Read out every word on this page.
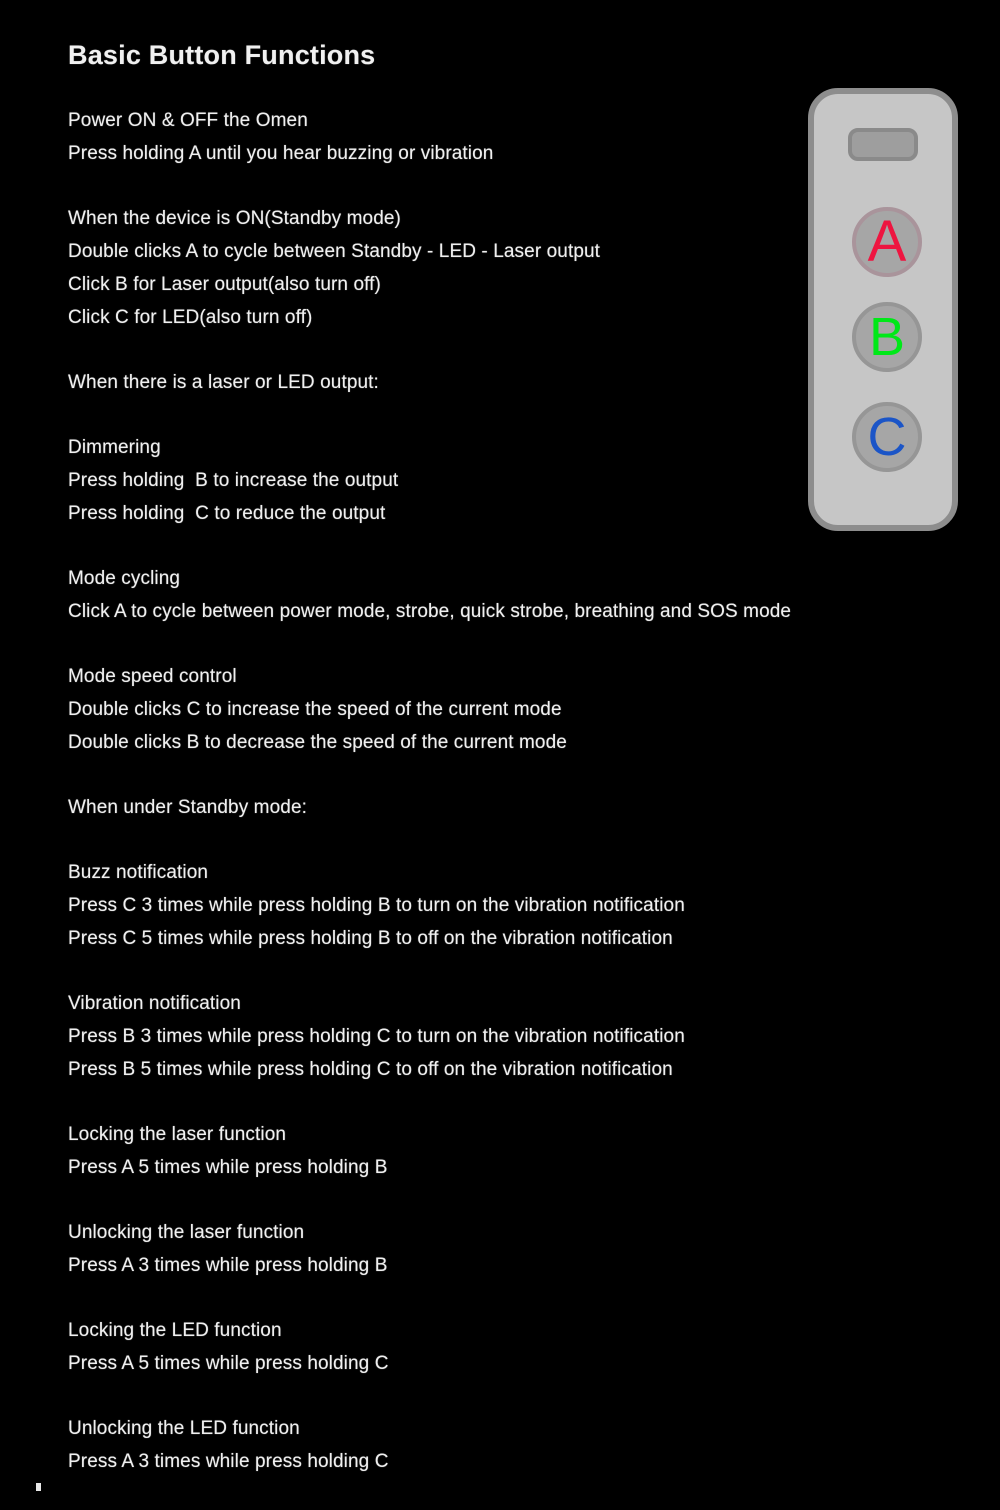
Basic Button Functions
Power ON & OFF the Omen
Press holding A until you hear buzzing or vibration
When the device is ON(Standby mode)
Double clicks A to cycle between Standby - LED - Laser output
Click B for Laser output(also turn off)
Click C for LED(also turn off)
When there is a laser or LED output:
Dimmering
Press holding  B to increase the output
Press holding  C to reduce the output
Mode cycling
Click A to cycle between power mode, strobe, quick strobe, breathing and SOS mode
Mode speed control
Double clicks C to increase the speed of the current mode
Double clicks B to decrease the speed of the current mode
When under Standby mode:
Buzz notification
Press C 3 times while press holding B to turn on the vibration notification
Press C 5 times while press holding B to off on the vibration notification
Vibration notification
Press B 3 times while press holding C to turn on the vibration notification
Press B 5 times while press holding C to off on the vibration notification
Locking the laser function
Press A 5 times while press holding B
Unlocking the laser function
Press A 3 times while press holding B
Locking the LED function
Press A 5 times while press holding C
Unlocking the LED function
Press A 3 times while press holding C
A
B
C
